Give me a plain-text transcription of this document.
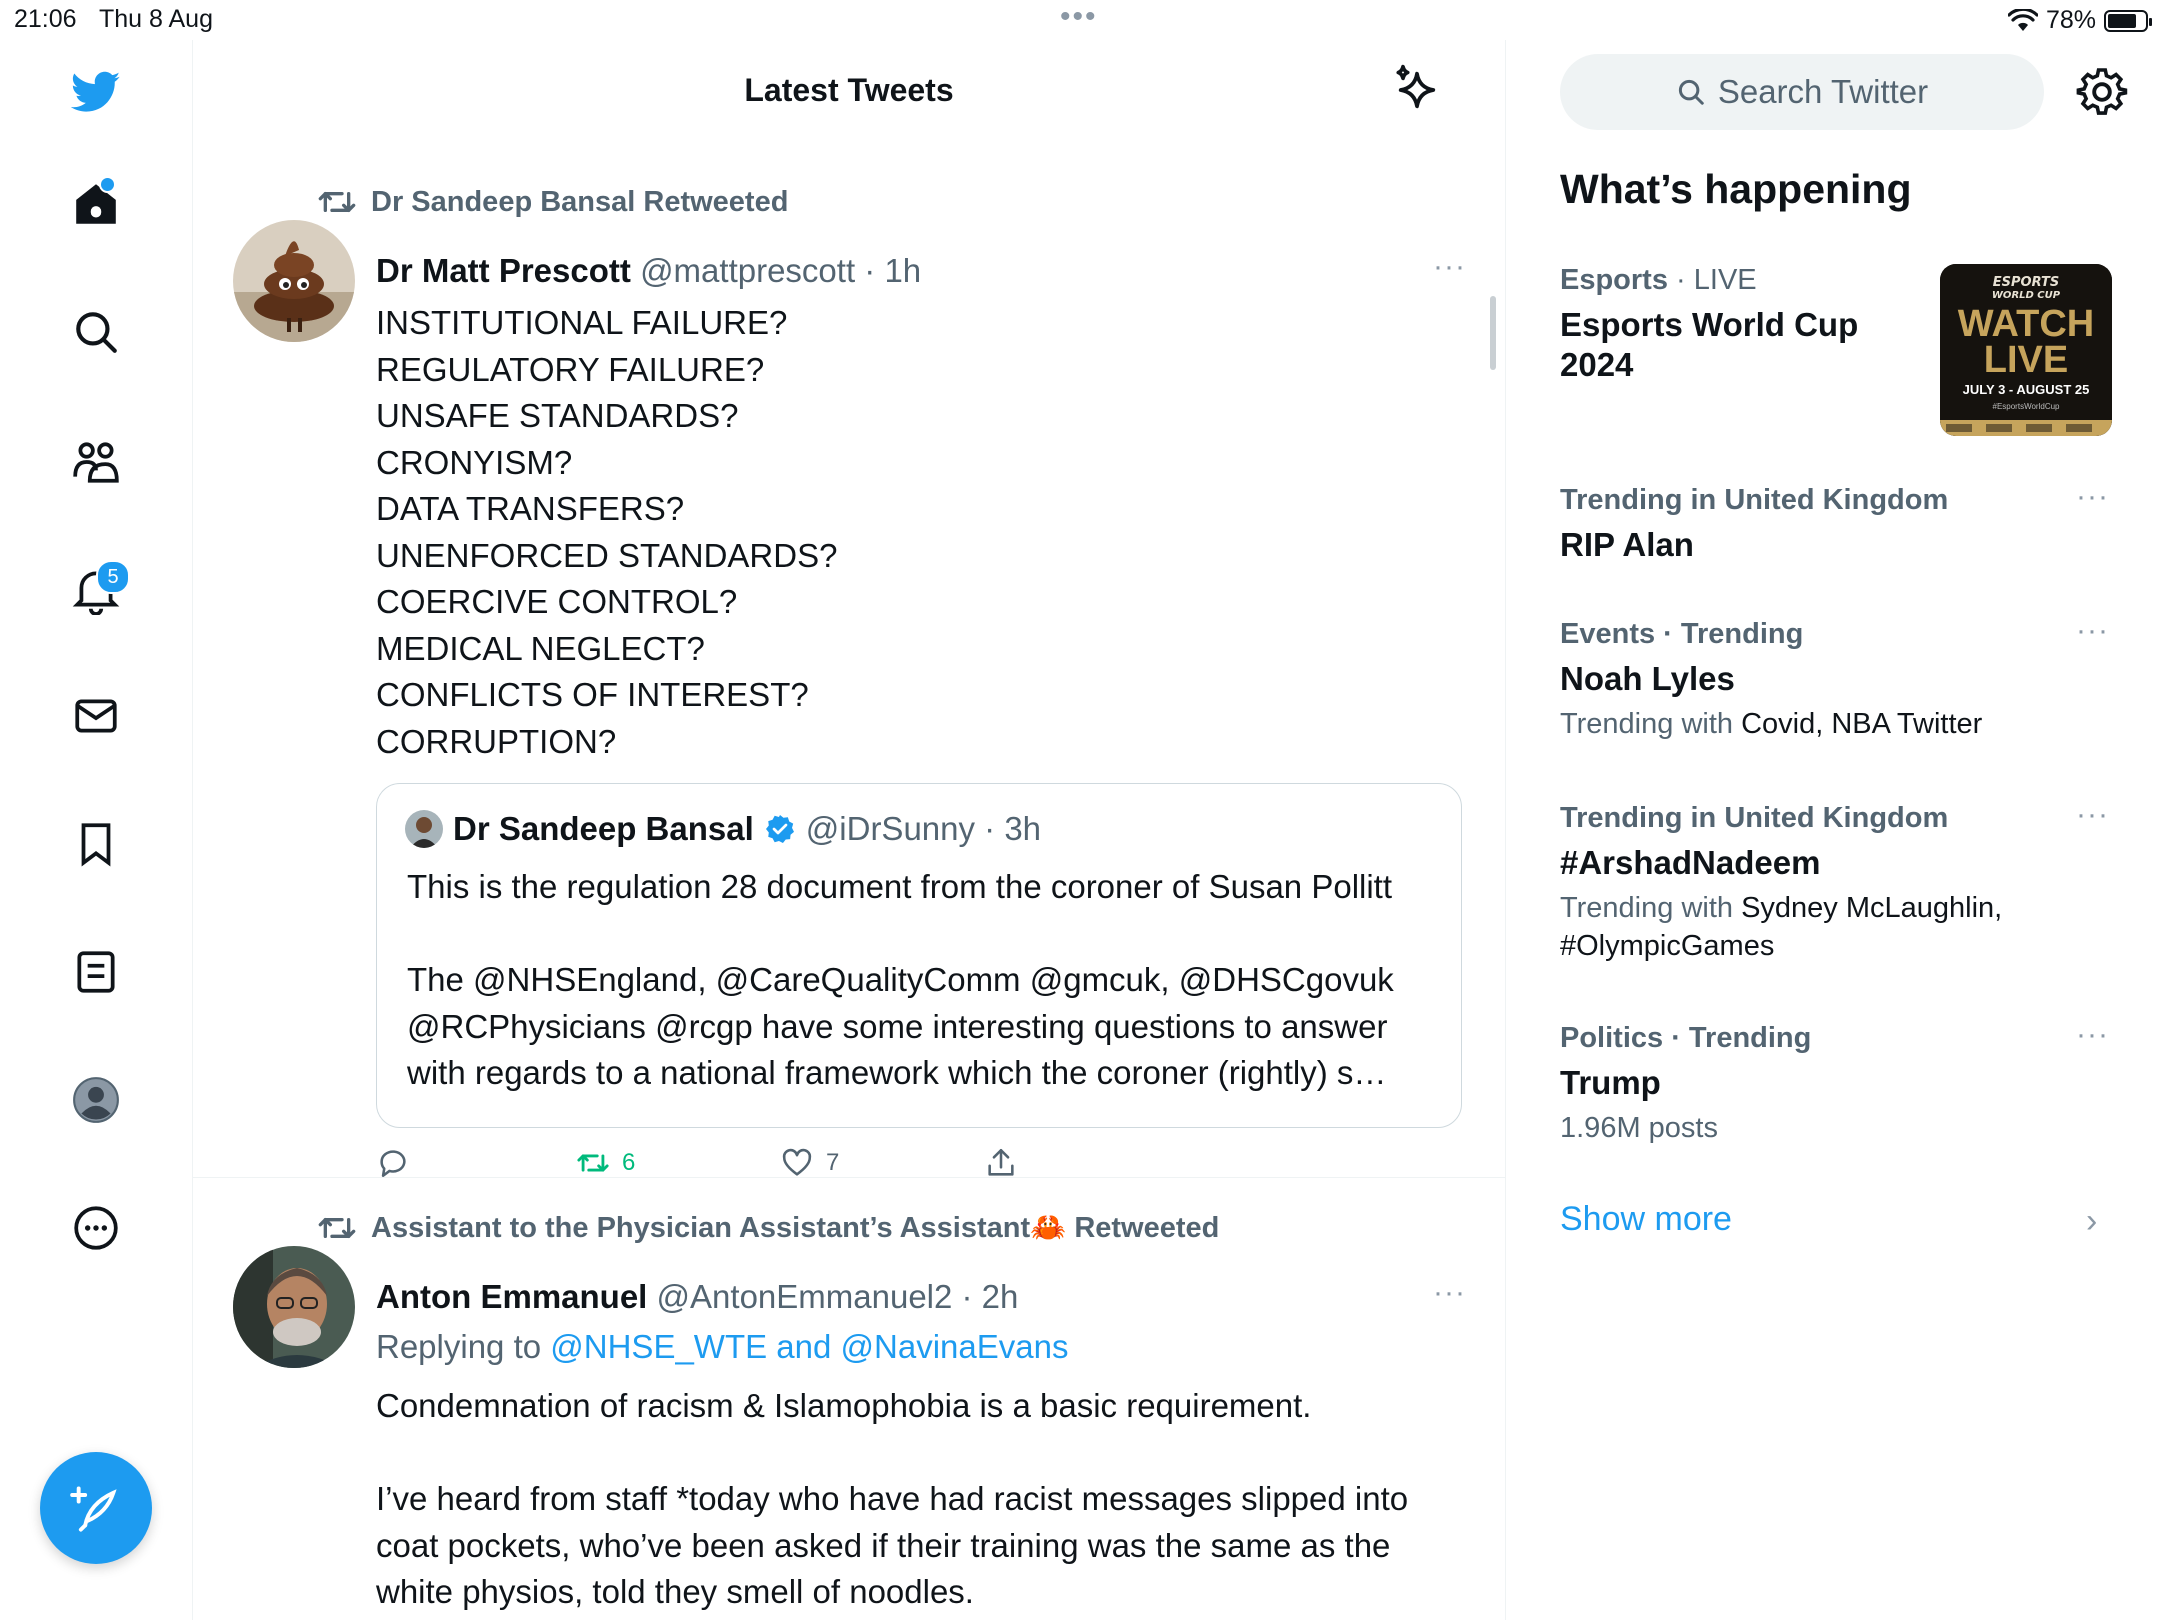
21:06 Thu 8 Aug	•••	78%
5
Latest Tweets
Dr Sandeep Bansal Retweeted
Dr Matt Prescott @mattprescott · 1h	···
INSTITUTIONAL FAILURE?
REGULATORY FAILURE?
UNSAFE STANDARDS?
CRONYISM?
DATA TRANSFERS?
UNENFORCED STANDARDS?
COERCIVE CONTROL?
MEDICAL NEGLECT?
CONFLICTS OF INTEREST?
CORRUPTION?
Dr Sandeep Bansal @iDrSunny · 3h
This is the regulation 28 document from the coroner of Susan Pollitt

The @NHSEngland, @CareQualityComm @gmcuk, @DHSCgovuk @RCPhysicians @rcgp have some interesting questions to answer with regards to a national framework which the coroner (rightly) s…
6	7
Assistant to the Physician Assistant’s Assistant🦀 Retweeted
Anton Emmanuel @AntonEmmanuel2 · 2h	···
Replying to @NHSE_WTE and @NavinaEvans
Condemnation of racism & Islamophobia is a basic requirement.

I’ve heard from staff *today who have had racist messages slipped into coat pockets, who’ve been asked if their training was the same as the white physios, told they smell of noodles.
Search Twitter
What’s happening
Esports · LIVE
Esports World Cup 2024
ESPORTS
WORLD CUP
WATCH
LIVE
JULY 3 - AUGUST 25
#EsportsWorldCup
Trending in United Kingdom
RIP Alan
···
Events · Trending
Noah Lyles
Trending with Covid, NBA Twitter
···
Trending in United Kingdom
#ArshadNadeem
Trending with Sydney McLaughlin, #OlympicGames
···
Politics · Trending
Trump
1.96M posts
···
Show more	›
